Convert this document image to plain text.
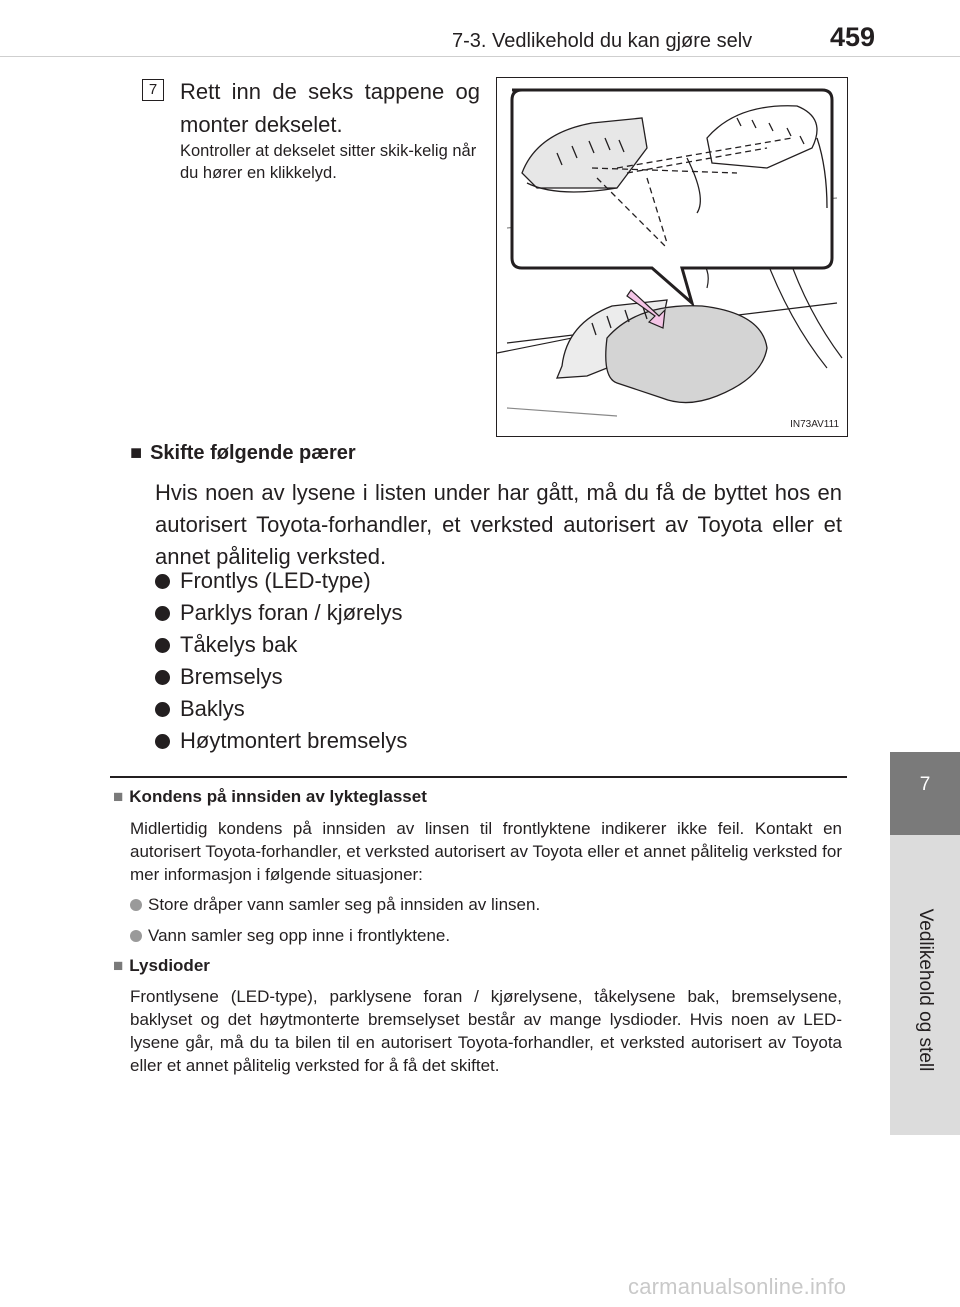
7-3. Vedlikehold du kan gjøre selv	459
7
Vedlikehold og stell
7	Rett inn de seks tappene og monter dekselet.
Kontroller at dekselet sitter skik-kelig når du hører en klikkelyd.
IN73AV111
■ Skifte følgende pærer
Hvis noen av lysene i listen under har gått, må du få de byttet hos en autorisert Toyota-forhandler, et verksted autorisert av Toyota eller et annet pålitelig verksted.
Frontlys (LED-type)
Parklys foran / kjørelys
Tåkelys bak
Bremselys
Baklys
Høytmontert bremselys
■ Kondens på innsiden av lykteglasset
Midlertidig kondens på innsiden av linsen til frontlyktene indikerer ikke feil. Kontakt en autorisert Toyota-forhandler, et verksted autorisert av Toyota eller et annet pålitelig verksted for mer informasjon i følgende situasjoner:
Store dråper vann samler seg på innsiden av linsen.
Vann samler seg opp inne i frontlyktene.
■ Lysdioder
Frontlysene (LED-type), parklysene foran / kjørelysene, tåkelysene bak, bremselysene, baklyset og det høytmonterte bremselyset består av mange lysdioder. Hvis noen av LED-lysene går, må du ta bilen til en autorisert Toyota-forhandler, et verksted autorisert av Toyota eller et annet pålitelig verksted for å få det skiftet.
carmanualsonline.info
